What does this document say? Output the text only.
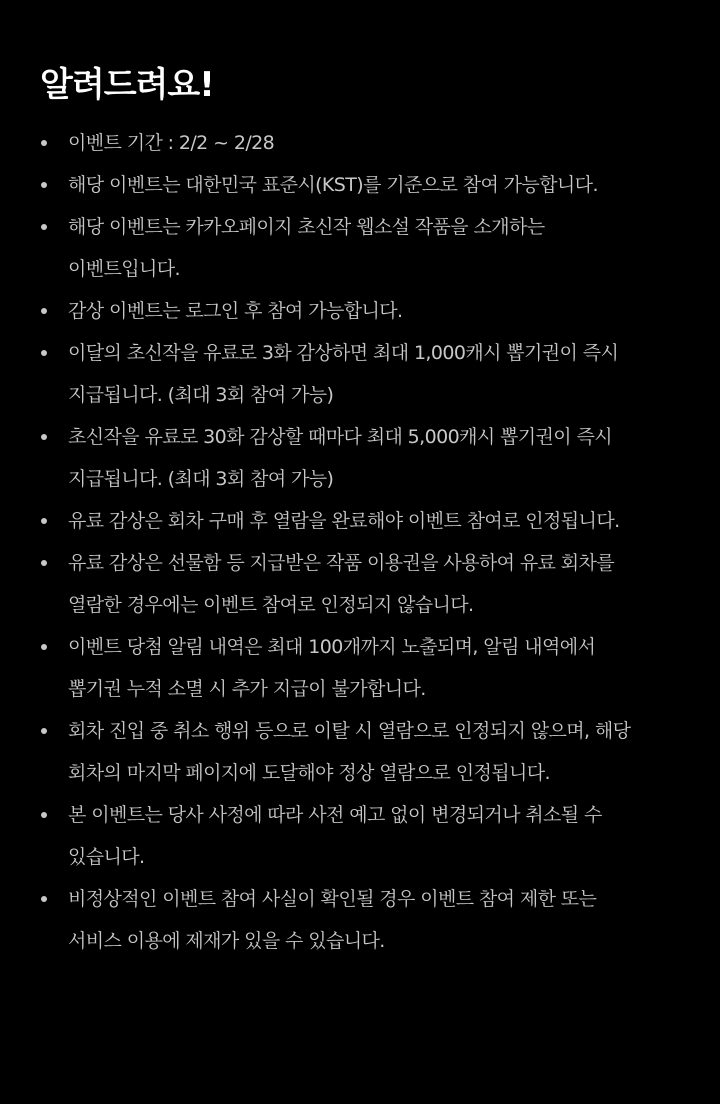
알려드려요!
이벤트 기간 : 2/2 ~ 2/28
해당 이벤트는 대한민국 표준시(KST)를 기준으로 참여 가능합니다.
해당 이벤트는 카카오페이지 초신작 웹소설 작품을 소개하는
이벤트입니다.
감상 이벤트는 로그인 후 참여 가능합니다.
이달의 초신작을 유료로 3화 감상하면 최대 1,000캐시 뽑기권이 즉시
지급됩니다. (최대 3회 참여 가능)
초신작을 유료로 30화 감상할 때마다 최대 5,000캐시 뽑기권이 즉시
지급됩니다. (최대 3회 참여 가능)
유료 감상은 회차 구매 후 열람을 완료해야 이벤트 참여로 인정됩니다.
유료 감상은 선물함 등 지급받은 작품 이용권을 사용하여 유료 회차를
열람한 경우에는 이벤트 참여로 인정되지 않습니다.
이벤트 당첨 알림 내역은 최대 100개까지 노출되며, 알림 내역에서
뽑기권 누적 소멸 시 추가 지급이 불가합니다.
회차 진입 중 취소 행위 등으로 이탈 시 열람으로 인정되지 않으며, 해당
회차의 마지막 페이지에 도달해야 정상 열람으로 인정됩니다.
본 이벤트는 당사 사정에 따라 사전 예고 없이 변경되거나 취소될 수
있습니다.
비정상적인 이벤트 참여 사실이 확인될 경우 이벤트 참여 제한 또는
서비스 이용에 제재가 있을 수 있습니다.
